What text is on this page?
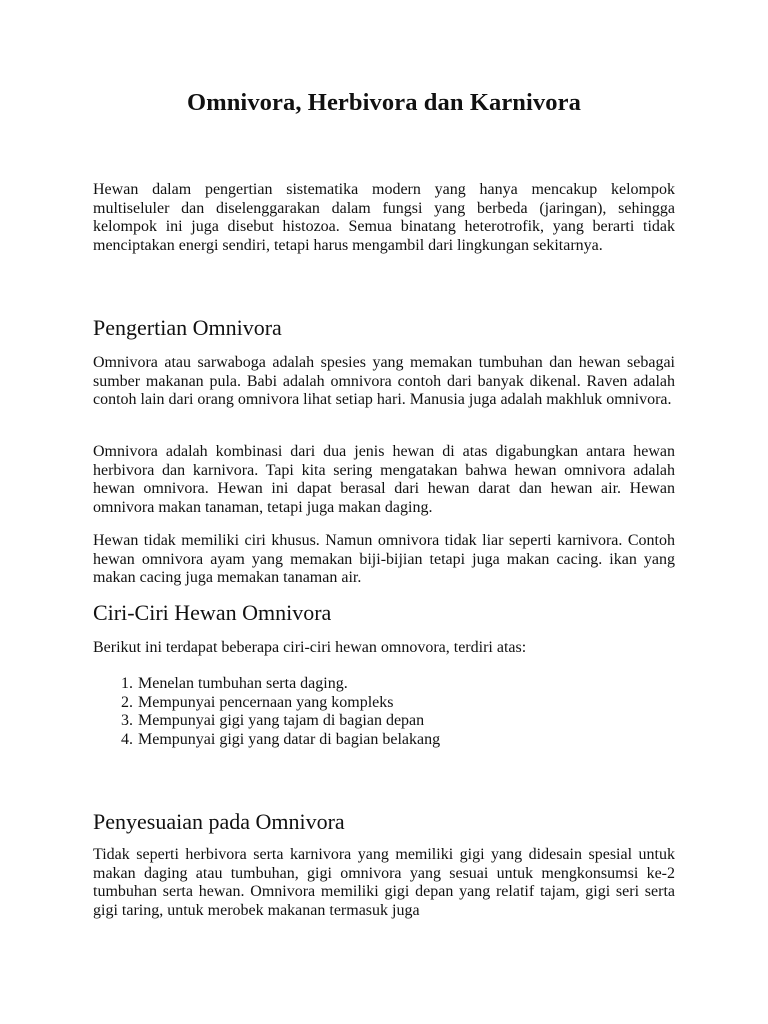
Omnivora, Herbivora dan Karnivora

Hewan dalam pengertian sistematika modern yang hanya mencakup kelompok multiseluler dan diselenggarakan dalam fungsi yang berbeda (jaringan), sehingga kelompok ini juga disebut histozoa. Semua binatang heterotrofik, yang berarti tidak menciptakan energi sendiri, tetapi harus mengambil dari lingkungan sekitarnya.

Pengertian Omnivora

Omnivora atau sarwaboga adalah spesies yang memakan tumbuhan dan hewan sebagai sumber makanan pula. Babi adalah omnivora contoh dari banyak dikenal. Raven adalah contoh lain dari orang omnivora lihat setiap hari. Manusia juga adalah makhluk omnivora.

Omnivora adalah kombinasi dari dua jenis hewan di atas digabungkan antara hewan herbivora dan karnivora. Tapi kita sering mengatakan bahwa hewan omnivora adalah hewan omnivora. Hewan ini dapat berasal dari hewan darat dan hewan air. Hewan omnivora makan tanaman, tetapi juga makan daging.

Hewan tidak memiliki ciri khusus. Namun omnivora tidak liar seperti karnivora. Contoh hewan omnivora ayam yang memakan biji-bijian tetapi juga makan cacing. ikan yang makan cacing juga memakan tanaman air.

Ciri-Ciri Hewan Omnivora

Berikut ini terdapat beberapa ciri-ciri hewan omnovora, terdiri atas:

1. Menelan tumbuhan serta daging.
2. Mempunyai pencernaan yang kompleks
3. Mempunyai gigi yang tajam di bagian depan
4. Mempunyai gigi yang datar di bagian belakang
Penyesuaian pada Omnivora

Tidak seperti herbivora serta karnivora yang memiliki gigi yang didesain spesial untuk makan daging atau tumbuhan, gigi omnivora yang sesuai untuk mengkonsumsi ke-2 tumbuhan serta hewan. Omnivora memiliki gigi depan yang relatif tajam, gigi seri serta gigi taring, untuk merobek makanan termasuk juga
